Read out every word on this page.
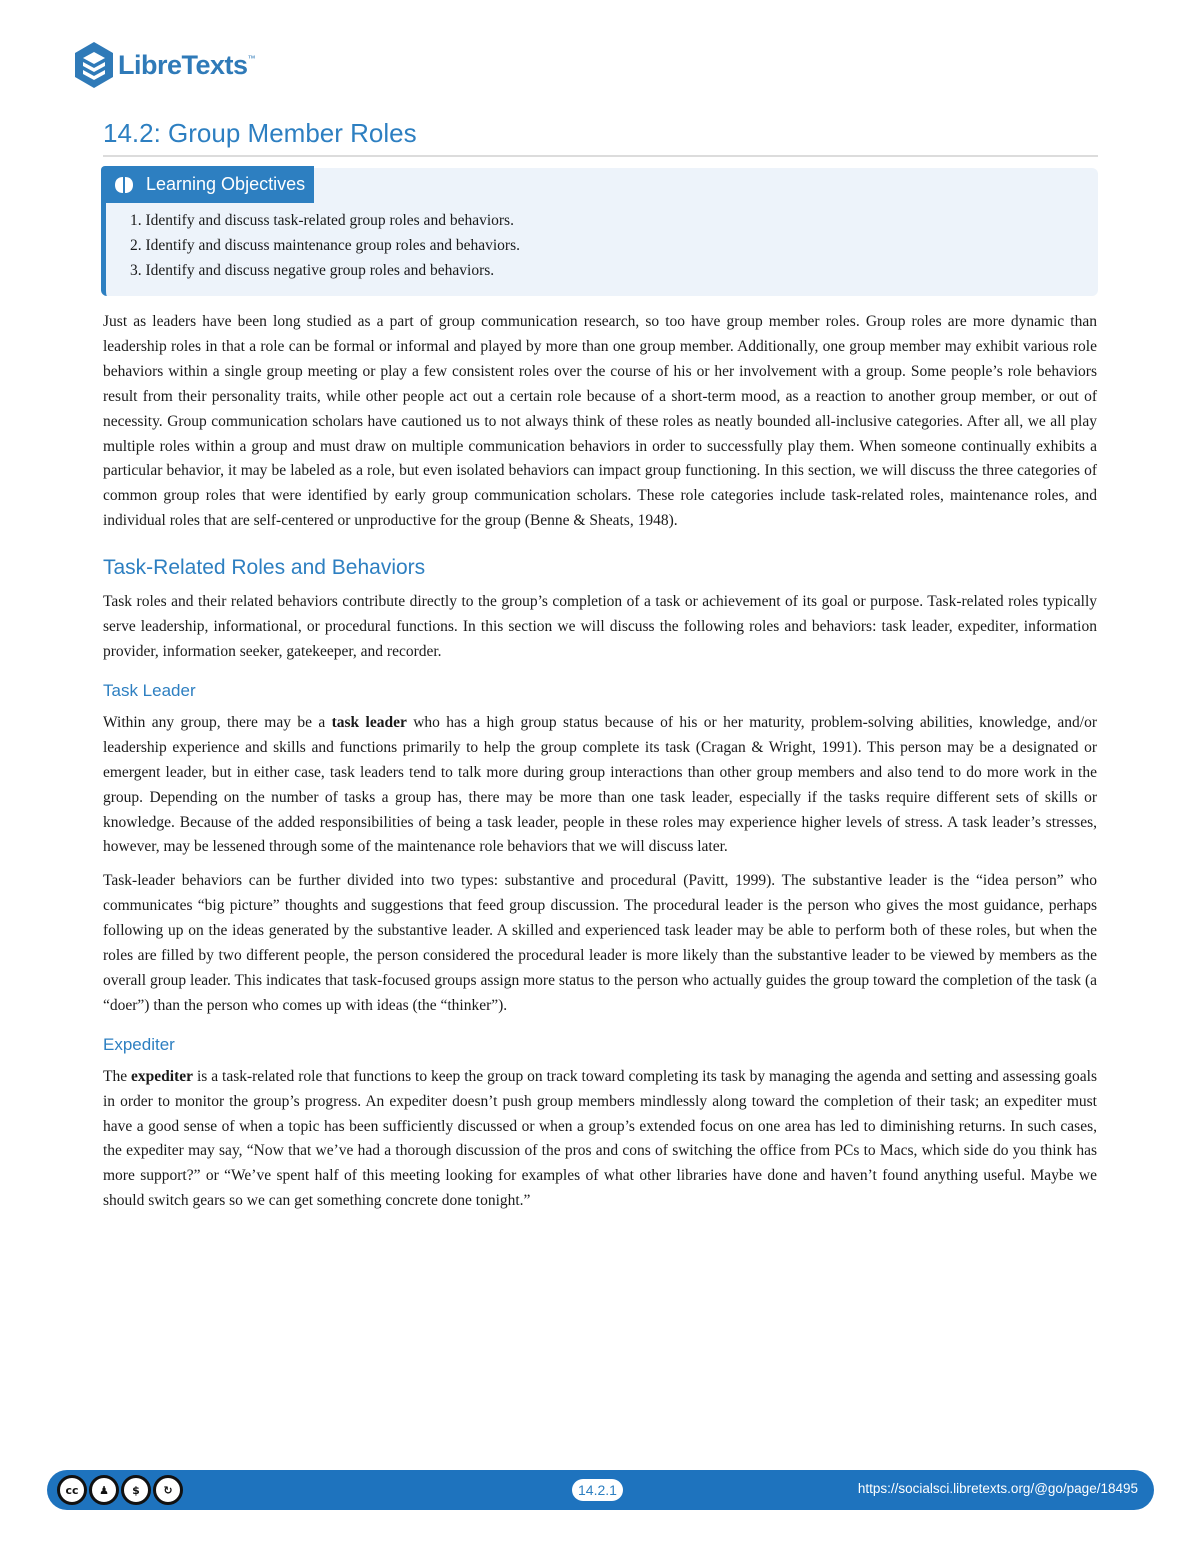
LibreTexts ™
14.2: Group Member Roles
Learning Objectives
1. Identify and discuss task-related group roles and behaviors.
2. Identify and discuss maintenance group roles and behaviors.
3. Identify and discuss negative group roles and behaviors.

Just as leaders have been long studied as a part of group communication research, so too have group member roles. Group roles are more dynamic than leadership roles in that a role can be formal or informal and played by more than one group member. Additionally, one group member may exhibit various role behaviors within a single group meeting or play a few consistent roles over the course of his or her involvement with a group. Some people’s role behaviors result from their personality traits, while other people act out a certain role because of a short-term mood, as a reaction to another group member, or out of necessity. Group communication scholars have cautioned us to not always think of these roles as neatly bounded all-inclusive categories. After all, we all play multiple roles within a group and must draw on multiple communication behaviors in order to successfully play them. When someone continually exhibits a particular behavior, it may be labeled as a role, but even isolated behaviors can impact group functioning. In this section, we will discuss the three categories of common group roles that were identified by early group communication scholars. These role categories include task-related roles, maintenance roles, and individual roles that are self-centered or unproductive for the group (Benne & Sheats, 1948).

Task-Related Roles and Behaviors

Task roles and their related behaviors contribute directly to the group’s completion of a task or achievement of its goal or purpose. Task-related roles typically serve leadership, informational, or procedural functions. In this section we will discuss the following roles and behaviors: task leader, expediter, information provider, information seeker, gatekeeper, and recorder.

Task Leader

Within any group, there may be a task leader who has a high group status because of his or her maturity, problem-solving abilities, knowledge, and/or leadership experience and skills and functions primarily to help the group complete its task (Cragan & Wright, 1991). This person may be a designated or emergent leader, but in either case, task leaders tend to talk more during group interactions than other group members and also tend to do more work in the group. Depending on the number of tasks a group has, there may be more than one task leader, especially if the tasks require different sets of skills or knowledge. Because of the added responsibilities of being a task leader, people in these roles may experience higher levels of stress. A task leader’s stresses, however, may be lessened through some of the maintenance role behaviors that we will discuss later.

Task-leader behaviors can be further divided into two types: substantive and procedural (Pavitt, 1999). The substantive leader is the “idea person” who communicates “big picture” thoughts and suggestions that feed group discussion. The procedural leader is the person who gives the most guidance, perhaps following up on the ideas generated by the substantive leader. A skilled and experienced task leader may be able to perform both of these roles, but when the roles are filled by two different people, the person considered the procedural leader is more likely than the substantive leader to be viewed by members as the overall group leader. This indicates that task-focused groups assign more status to the person who actually guides the group toward the completion of the task (a “doer”) than the person who comes up with ideas (the “thinker”).

Expediter

The expediter is a task-related role that functions to keep the group on track toward completing its task by managing the agenda and setting and assessing goals in order to monitor the group’s progress. An expediter doesn’t push group members mindlessly along toward the completion of their task; an expediter must have a good sense of when a topic has been sufficiently discussed or when a group’s extended focus on one area has led to diminishing returns. In such cases, the expediter may say, “Now that we’ve had a thorough discussion of the pros and cons of switching the office from PCs to Macs, which side do you think has more support?” or “We’ve spent half of this meeting looking for examples of what other libraries have done and haven’t found anything useful. Maybe we should switch gears so we can get something concrete done tonight.”

cc	♟	$	↻	14.2.1	https://socialsci.libretexts.org/@go/page/18495
